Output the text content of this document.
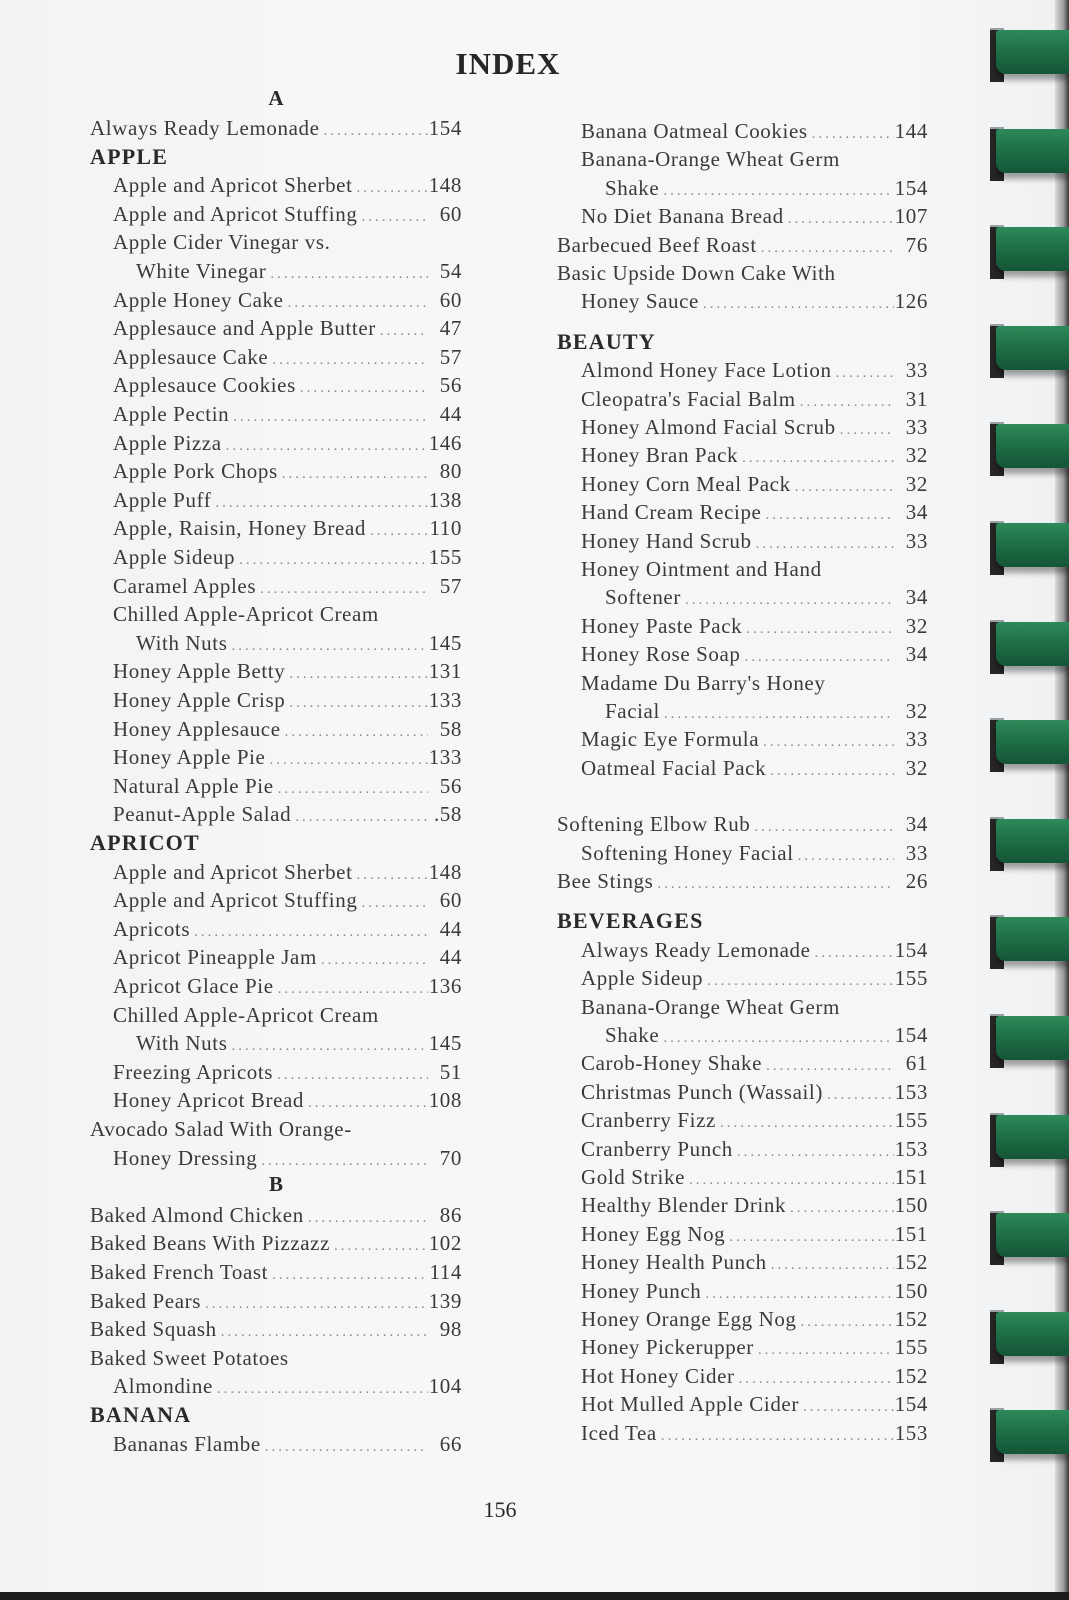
INDEX
A
Always Ready Lemonade .....	154
APPLE
Apple and Apricot Sherbet .....	148
Apple and Apricot Stuffing .....	60
Apple Cider Vinegar vs.
White Vinegar .....	54
Apple Honey Cake .....	60
Applesauce and Apple Butter .....	47
Applesauce Cake .....	57
Applesauce Cookies .....	56
Apple Pectin .....	44
Apple Pizza .....	146
Apple Pork Chops .....	80
Apple Puff .....	138
Apple, Raisin, Honey Bread .....	110
Apple Sideup .....	155
Caramel Apples .....	57
Chilled Apple-Apricot Cream
With Nuts .....	145
Honey Apple Betty .....	131
Honey Apple Crisp .....	133
Honey Applesauce .....	58
Honey Apple Pie .....	133
Natural Apple Pie .....	56
Peanut-Apple Salad .....	.58
APRICOT
Apple and Apricot Sherbet .....	148
Apple and Apricot Stuffing .....	60
Apricots .....	44
Apricot Pineapple Jam .....	44
Apricot Glace Pie .....	136
Chilled Apple-Apricot Cream
With Nuts .....	145
Freezing Apricots .....	51
Honey Apricot Bread .....	108
Avocado Salad With Orange-
Honey Dressing .....	70
B
Baked Almond Chicken .....	86
Baked Beans With Pizzazz .....	102
Baked French Toast .....	114
Baked Pears .....	139
Baked Squash .....	98
Baked Sweet Potatoes
Almondine .....	104
BANANA
Bananas Flambe .....	66
Banana Oatmeal Cookies .....	144
Banana-Orange Wheat Germ
Shake .....	154
No Diet Banana Bread .....	107
Barbecued Beef Roast .....	76
Basic Upside Down Cake With
Honey Sauce .....	126
BEAUTY
Almond Honey Face Lotion .....	33
Cleopatra's Facial Balm .....	31
Honey Almond Facial Scrub .....	33
Honey Bran Pack .....	32
Honey Corn Meal Pack .....	32
Hand Cream Recipe .....	34
Honey Hand Scrub .....	33
Honey Ointment and Hand
Softener .....	34
Honey Paste Pack .....	32
Honey Rose Soap .....	34
Madame Du Barry's Honey
Facial .....	32
Magic Eye Formula .....	33
Oatmeal Facial Pack .....	32
Softening Elbow Rub .....	34
Softening Honey Facial .....	33
Bee Stings .....	26
BEVERAGES
Always Ready Lemonade .....	154
Apple Sideup .....	155
Banana-Orange Wheat Germ
Shake .....	154
Carob-Honey Shake .....	61
Christmas Punch (Wassail) .....	153
Cranberry Fizz .....	155
Cranberry Punch .....	153
Gold Strike .....	151
Healthy Blender Drink .....	150
Honey Egg Nog .....	151
Honey Health Punch .....	152
Honey Punch .....	150
Honey Orange Egg Nog .....	152
Honey Pickerupper .....	155
Hot Honey Cider .....	152
Hot Mulled Apple Cider .....	154
Iced Tea .....	153
156
